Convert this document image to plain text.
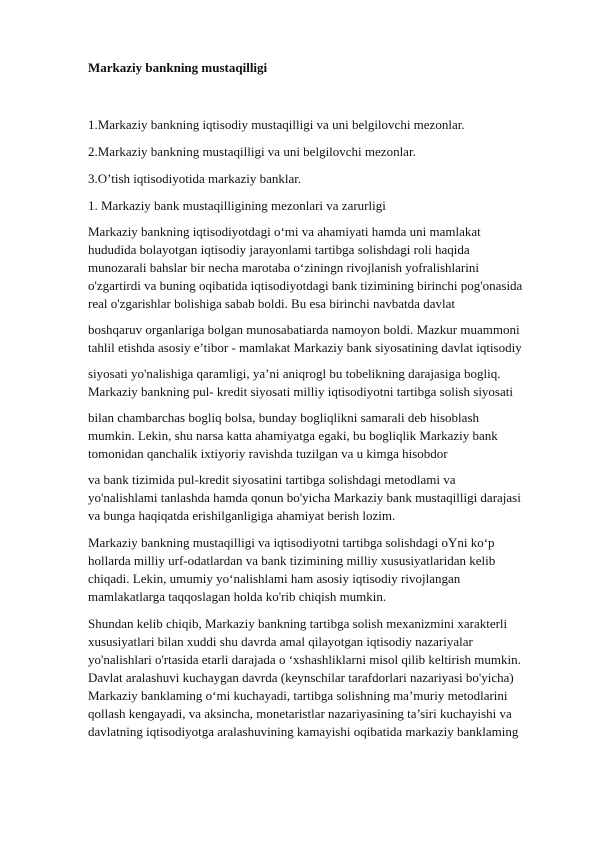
Markaziy bankning mustaqilligi
1.Markaziy bankning iqtisodiy mustaqilligi va uni belgilovchi mezonlar.
2.Markaziy bankning mustaqilligi va uni belgilovchi mezonlar.
3.O’tish iqtisodiyotida markaziy banklar.
1. Markaziy bank mustaqilligining mezonlari va zarurligi
Markaziy bankning iqtisodiyotdagi o‘mi va ahamiyati hamda uni mamlakat
hududida bolayotgan iqtisodiy jarayonlami tartibga solishdagi roli haqida
munozarali bahslar bir necha marotaba o‘ziningn rivojlanish yofralishlarini
o'zgartirdi va buning oqibatida iqtisodiyotdagi bank tizimining birinchi pog'onasida
real o'zgarishlar bolishiga sabab boldi. Bu esa birinchi navbatda davlat
boshqaruv organlariga bolgan munosabatiarda namoyon boldi. Mazkur muammoni
tahlil etishda asosiy e’tibor - mamlakat Markaziy bank siyosatining davlat iqtisodiy
siyosati yo'nalishiga qaramligi, ya’ni aniqrogl bu tobelikning darajasiga bogliq.
Markaziy bankning pul- kredit siyosati milliy iqtisodiyotni tartibga solish siyosati
bilan chambarchas bogliq bolsa, bunday bogliqlikni samarali deb hisoblash
mumkin. Lekin, shu narsa katta ahamiyatga egaki, bu bogliqlik Markaziy bank
tomonidan qanchalik ixtiyoriy ravishda tuzilgan va u kimga hisobdor
va bank tizimida pul-kredit siyosatini tartibga solishdagi metodlami va
yo'nalishlami tanlashda hamda qonun bo'yicha Markaziy bank mustaqilligi darajasi
va bunga haqiqatda erishilganligiga ahamiyat berish lozim.
Markaziy bankning mustaqilligi va iqtisodiyotni tartibga solishdagi oYni ko‘p
hollarda milliy urf-odatlardan va bank tizimining milliy xususiyatlaridan kelib
chiqadi. Lekin, umumiy yo‘nalishlami ham asosiy iqtisodiy rivojlangan
mamlakatlarga taqqoslagan holda ko'rib chiqish mumkin.
Shundan kelib chiqib, Markaziy bankning tartibga solish mexanizmini xarakterli
xususiyatlari bilan xuddi shu davrda amal qilayotgan iqtisodiy nazariyalar
yo'nalishlari o'rtasida etarli darajada o ‘xshashliklarni misol qilib keltirish mumkin.
Davlat aralashuvi kuchaygan davrda (keynschilar tarafdorlari nazariyasi bo'yicha)
Markaziy banklaming o‘mi kuchayadi, tartibga solishning ma’muriy metodlarini
qollash kengayadi, va aksincha, monetaristlar nazariyasining ta’siri kuchayishi va
davlatning iqtisodiyotga aralashuvining kamayishi oqibatida markaziy banklaming
